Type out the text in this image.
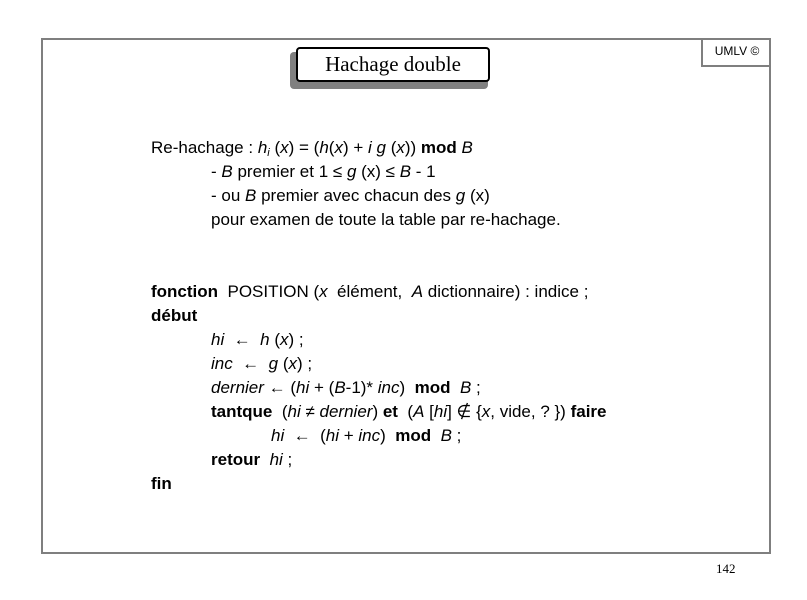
Hachage double
UMLV ©
Re-hachage : $h_i$ (x) = (h(x) + i g (x)) mod B
- B premier et 1 ≤ g (x) ≤ B - 1
- ou B premier avec chacun des g (x)
pour examen de toute la table par re-hachage.
fonction  POSITION (x  élément,  A dictionnaire) : indice ;
début
hi  ←  h (x) ;
inc  ←  g (x) ;
dernier ← (hi + (B-1)* inc)  mod B ;
tantque  (hi ≠ dernier) et  (A [hi] ∉ {x, vide, ? }) faire
hi  ←  (hi + inc)  mod B ;
retour hi ;
fin
142
